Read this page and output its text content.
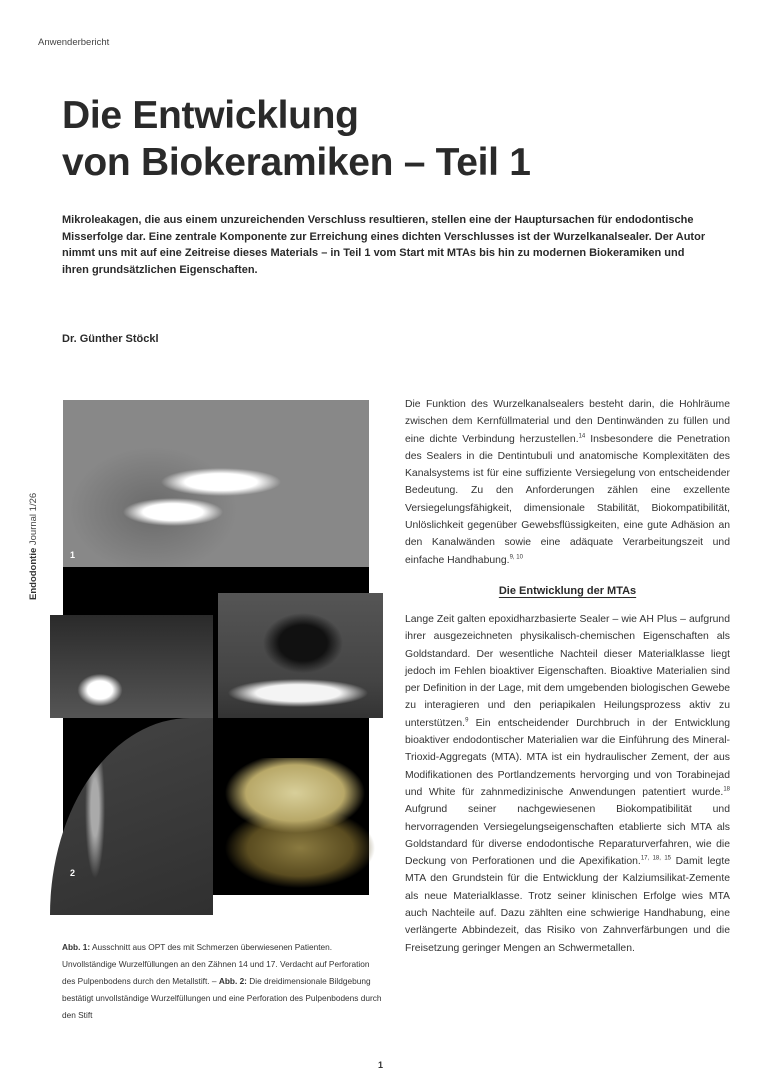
Anwenderbericht
Die Entwicklung
von Biokeramiken – Teil 1

Mikroleakagen, die aus einem unzureichenden Verschluss resultieren, stellen eine der Hauptursachen für endodontische Misserfolge dar. Eine zentrale Komponente zur Erreichung eines dichten Verschlusses ist der Wurzelkanalsealer. Der Autor nimmt uns mit auf eine Zeitreise dieses Materials – in Teil 1 vom Start mit MTAs bis hin zu modernen Biokeramiken und ihren grundsätzlichen Eigenschaften.

Dr. Günther Stöckl
Endodontie Journal 1/26
1
2

Abb. 1: Ausschnitt aus OPT des mit Schmerzen überwiesenen Patienten. Unvollständige Wurzelfüllungen an den Zähnen 14 und 17. Verdacht auf Perforation des Pulpenbodens durch den Metallstift. – Abb. 2: Die dreidimensionale Bildgebung bestätigt unvollständige Wurzelfüllungen und eine Perforation des Pulpenbodens durch den Stift

Die Funktion des Wurzelkanalsealers besteht darin, die Hohlräume zwischen dem Kernfüllmaterial und den Dentinwänden zu füllen und eine dichte Verbindung herzustellen.$^{14}$ Insbesondere die Penetration des Sealers in die Dentintubuli und anatomische Komplexitäten des Kanalsystems ist für eine suffiziente Versiegelung von entscheidender Bedeutung. Zu den Anforderungen zählen eine exzellente Versiegelungsfähigkeit, dimensionale Stabilität, Biokompatibilität, Unlöslichkeit gegenüber Gewebsflüssigkeiten, eine gute Adhäsion an den Kanalwänden sowie eine adäquate Verarbeitungszeit und einfache Handhabung.$^{9, 10}$

Die Entwicklung der MTAs

Lange Zeit galten epoxidharzbasierte Sealer – wie AH Plus – aufgrund ihrer ausgezeichneten physikalisch-chemischen Eigenschaften als Goldstandard. Der wesentliche Nachteil dieser Materialklasse liegt jedoch im Fehlen bioaktiver Eigenschaften. Bioaktive Materialien sind per Definition in der Lage, mit dem umgebenden biologischen Gewebe zu interagieren und den periapikalen Heilungsprozess aktiv zu unterstützen.$^9$ Ein entscheidender Durchbruch in der Entwicklung bioaktiver endodontischer Materialien war die Einführung des Mineral-Trioxid-Aggregats (MTA). MTA ist ein hydraulischer Zement, der aus Modifikationen des Portlandzements hervorging und von Torabinejad und White für zahnmedizinische Anwendungen patentiert wurde.$^{18}$ Aufgrund seiner nachgewiesenen Biokompatibilität und hervorragenden Versiegelungseigenschaften etablierte sich MTA als Goldstandard für diverse endodontische Reparaturverfahren, wie die Deckung von Perforationen und die Apexifikation.$^{17, 18, 15}$ Damit legte MTA den Grundstein für die Entwicklung der Kalziumsilikat-Zemente als neue Materialklasse. Trotz seiner klinischen Erfolge wies MTA auch Nachteile auf. Dazu zählten eine schwierige Handhabung, eine verlängerte Abbindezeit, das Risiko von Zahnverfärbungen und die Freisetzung geringer Mengen an Schwermetallen.

1
